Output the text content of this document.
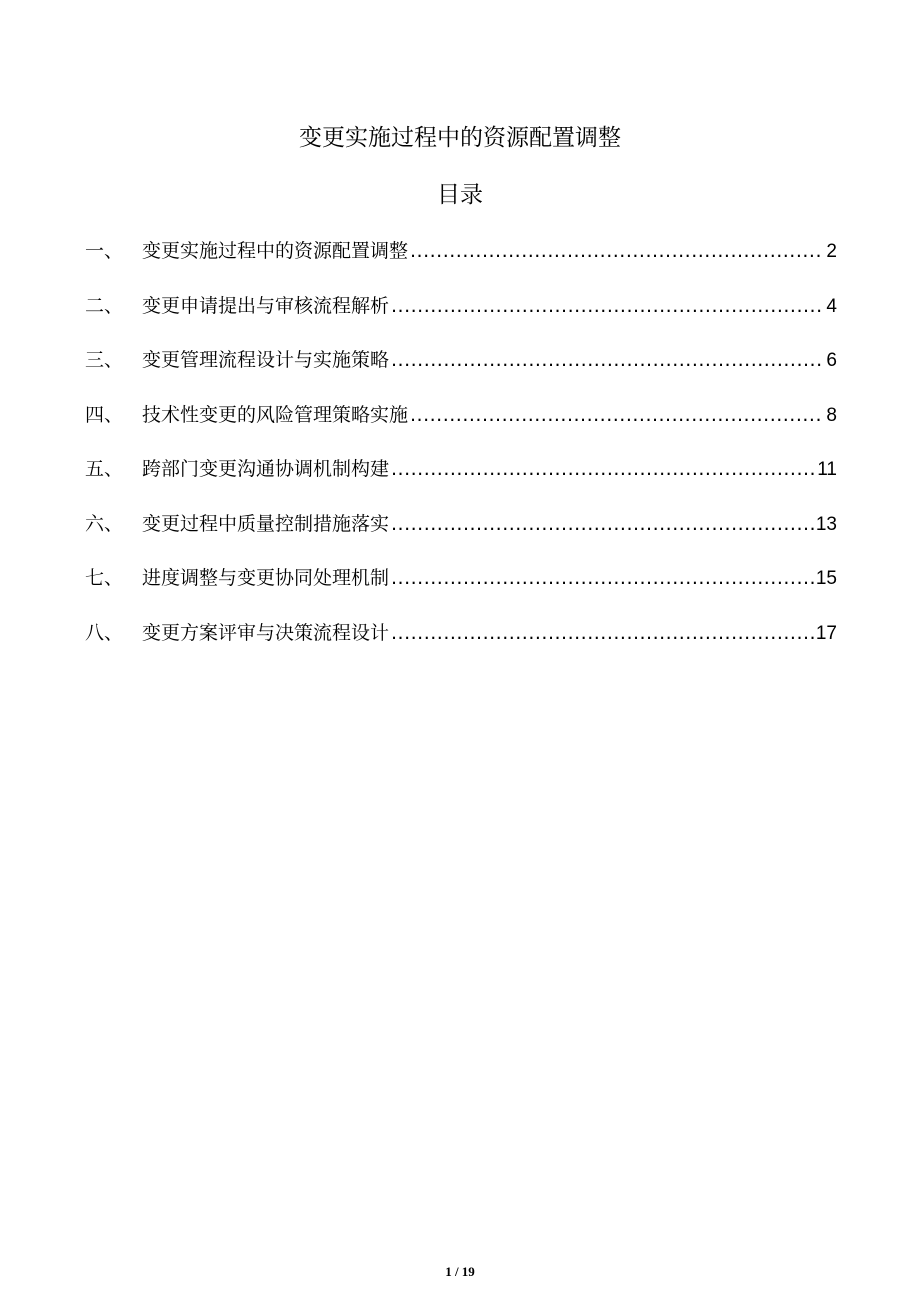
变更实施过程中的资源配置调整
目录
一、 变更实施过程中的资源配置调整 .....	2
二、 变更申请提出与审核流程解析 .....	4
三、 变更管理流程设计与实施策略 .....	6
四、 技术性变更的风险管理策略实施 .....	8
五、 跨部门变更沟通协调机制构建 .....	11
六、 变更过程中质量控制措施落实 .....	13
七、 进度调整与变更协同处理机制 .....	15
八、 变更方案评审与决策流程设计 .....	17
1 / 19
